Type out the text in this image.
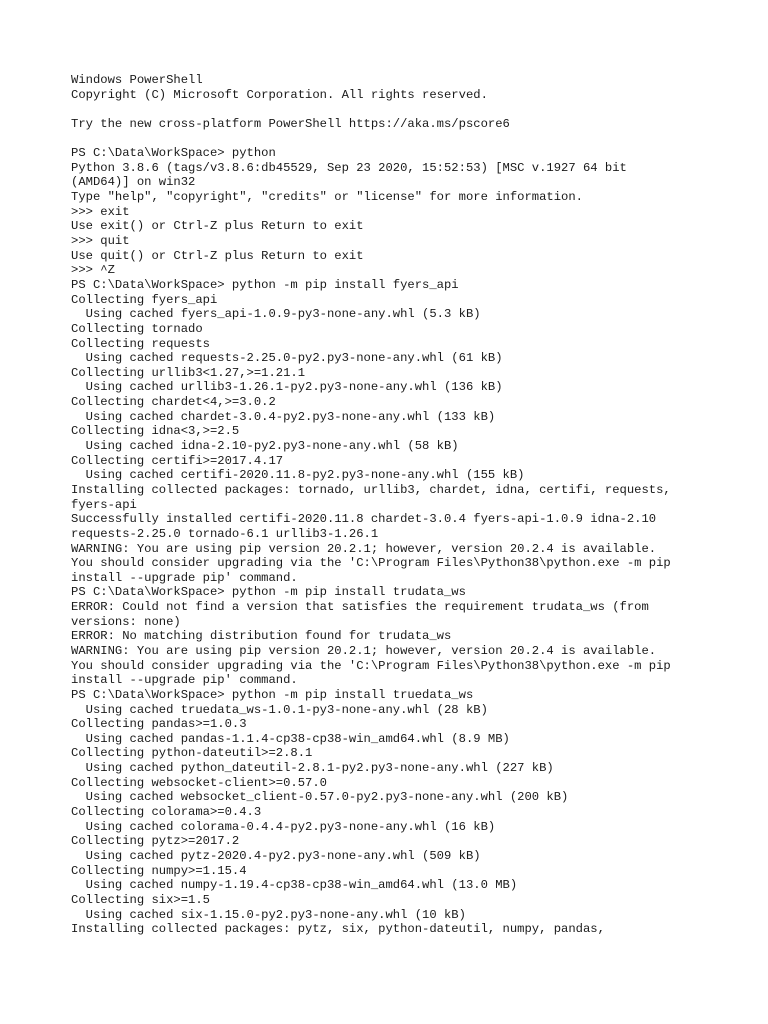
Windows PowerShell
Copyright (C) Microsoft Corporation. All rights reserved.
Try the new cross-platform PowerShell https://aka.ms/pscore6
PS C:\Data\WorkSpace> python
Python 3.8.6 (tags/v3.8.6:db45529, Sep 23 2020, 15:52:53) [MSC v.1927 64 bit
(AMD64)] on win32
Type "help", "copyright", "credits" or "license" for more information.
>>> exit
Use exit() or Ctrl-Z plus Return to exit
>>> quit
Use quit() or Ctrl-Z plus Return to exit
>>> ^Z
PS C:\Data\WorkSpace> python -m pip install fyers_api
Collecting fyers_api
Using cached fyers_api-1.0.9-py3-none-any.whl (5.3 kB)
Collecting tornado
Collecting requests
Using cached requests-2.25.0-py2.py3-none-any.whl (61 kB)
Collecting urllib3<1.27,>=1.21.1
Using cached urllib3-1.26.1-py2.py3-none-any.whl (136 kB)
Collecting chardet<4,>=3.0.2
Using cached chardet-3.0.4-py2.py3-none-any.whl (133 kB)
Collecting idna<3,>=2.5
Using cached idna-2.10-py2.py3-none-any.whl (58 kB)
Collecting certifi>=2017.4.17
Using cached certifi-2020.11.8-py2.py3-none-any.whl (155 kB)
Installing collected packages: tornado, urllib3, chardet, idna, certifi, requests,
fyers-api
Successfully installed certifi-2020.11.8 chardet-3.0.4 fyers-api-1.0.9 idna-2.10
requests-2.25.0 tornado-6.1 urllib3-1.26.1
WARNING: You are using pip version 20.2.1; however, version 20.2.4 is available.
You should consider upgrading via the 'C:\Program Files\Python38\python.exe -m pip
install --upgrade pip' command.
PS C:\Data\WorkSpace> python -m pip install trudata_ws
ERROR: Could not find a version that satisfies the requirement trudata_ws (from
versions: none)
ERROR: No matching distribution found for trudata_ws
WARNING: You are using pip version 20.2.1; however, version 20.2.4 is available.
You should consider upgrading via the 'C:\Program Files\Python38\python.exe -m pip
install --upgrade pip' command.
PS C:\Data\WorkSpace> python -m pip install truedata_ws
Using cached truedata_ws-1.0.1-py3-none-any.whl (28 kB)
Collecting pandas>=1.0.3
Using cached pandas-1.1.4-cp38-cp38-win_amd64.whl (8.9 MB)
Collecting python-dateutil>=2.8.1
Using cached python_dateutil-2.8.1-py2.py3-none-any.whl (227 kB)
Collecting websocket-client>=0.57.0
Using cached websocket_client-0.57.0-py2.py3-none-any.whl (200 kB)
Collecting colorama>=0.4.3
Using cached colorama-0.4.4-py2.py3-none-any.whl (16 kB)
Collecting pytz>=2017.2
Using cached pytz-2020.4-py2.py3-none-any.whl (509 kB)
Collecting numpy>=1.15.4
Using cached numpy-1.19.4-cp38-cp38-win_amd64.whl (13.0 MB)
Collecting six>=1.5
Using cached six-1.15.0-py2.py3-none-any.whl (10 kB)
Installing collected packages: pytz, six, python-dateutil, numpy, pandas,
